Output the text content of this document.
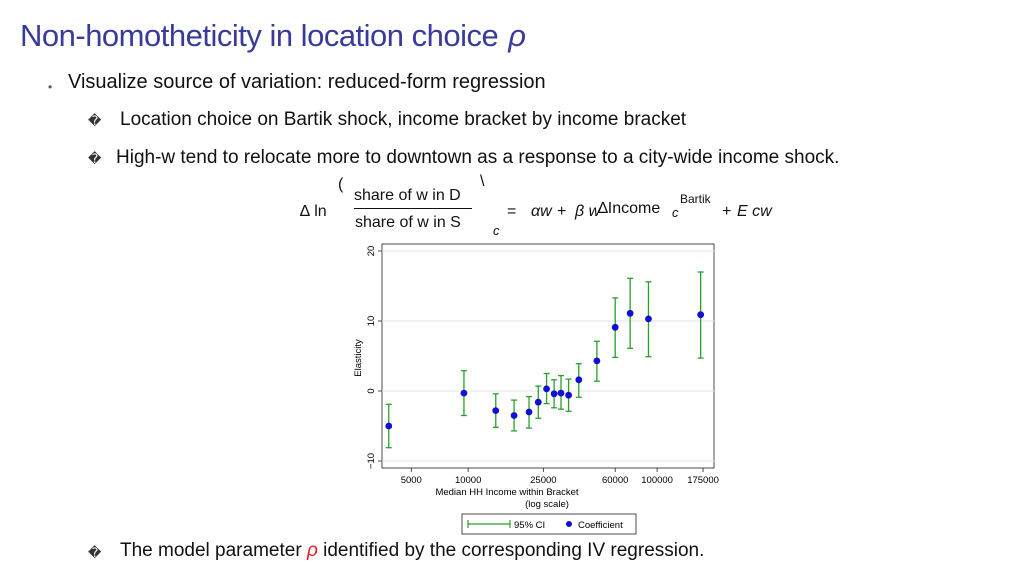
Non-homotheticity in location choice ρ
• Visualize source of variation: reduced-form regression
� Location choice on Bartik shock, income bracket by income bracket
� High-w tend to relocate more to downtown as a response to a city-wide income shock.
∆ ln
(
share of w in D
\
share of w in S c
= αw + β w
∆Income c
Bartik
+ E cw
−10
0
10
20
5000	10000	25000	60000 100000 175000
Median HH Income within Bracket
(log scale)
Elasticity
95% CI	Coefficient
� The model parameter ρ identified by the corresponding IV regression.
